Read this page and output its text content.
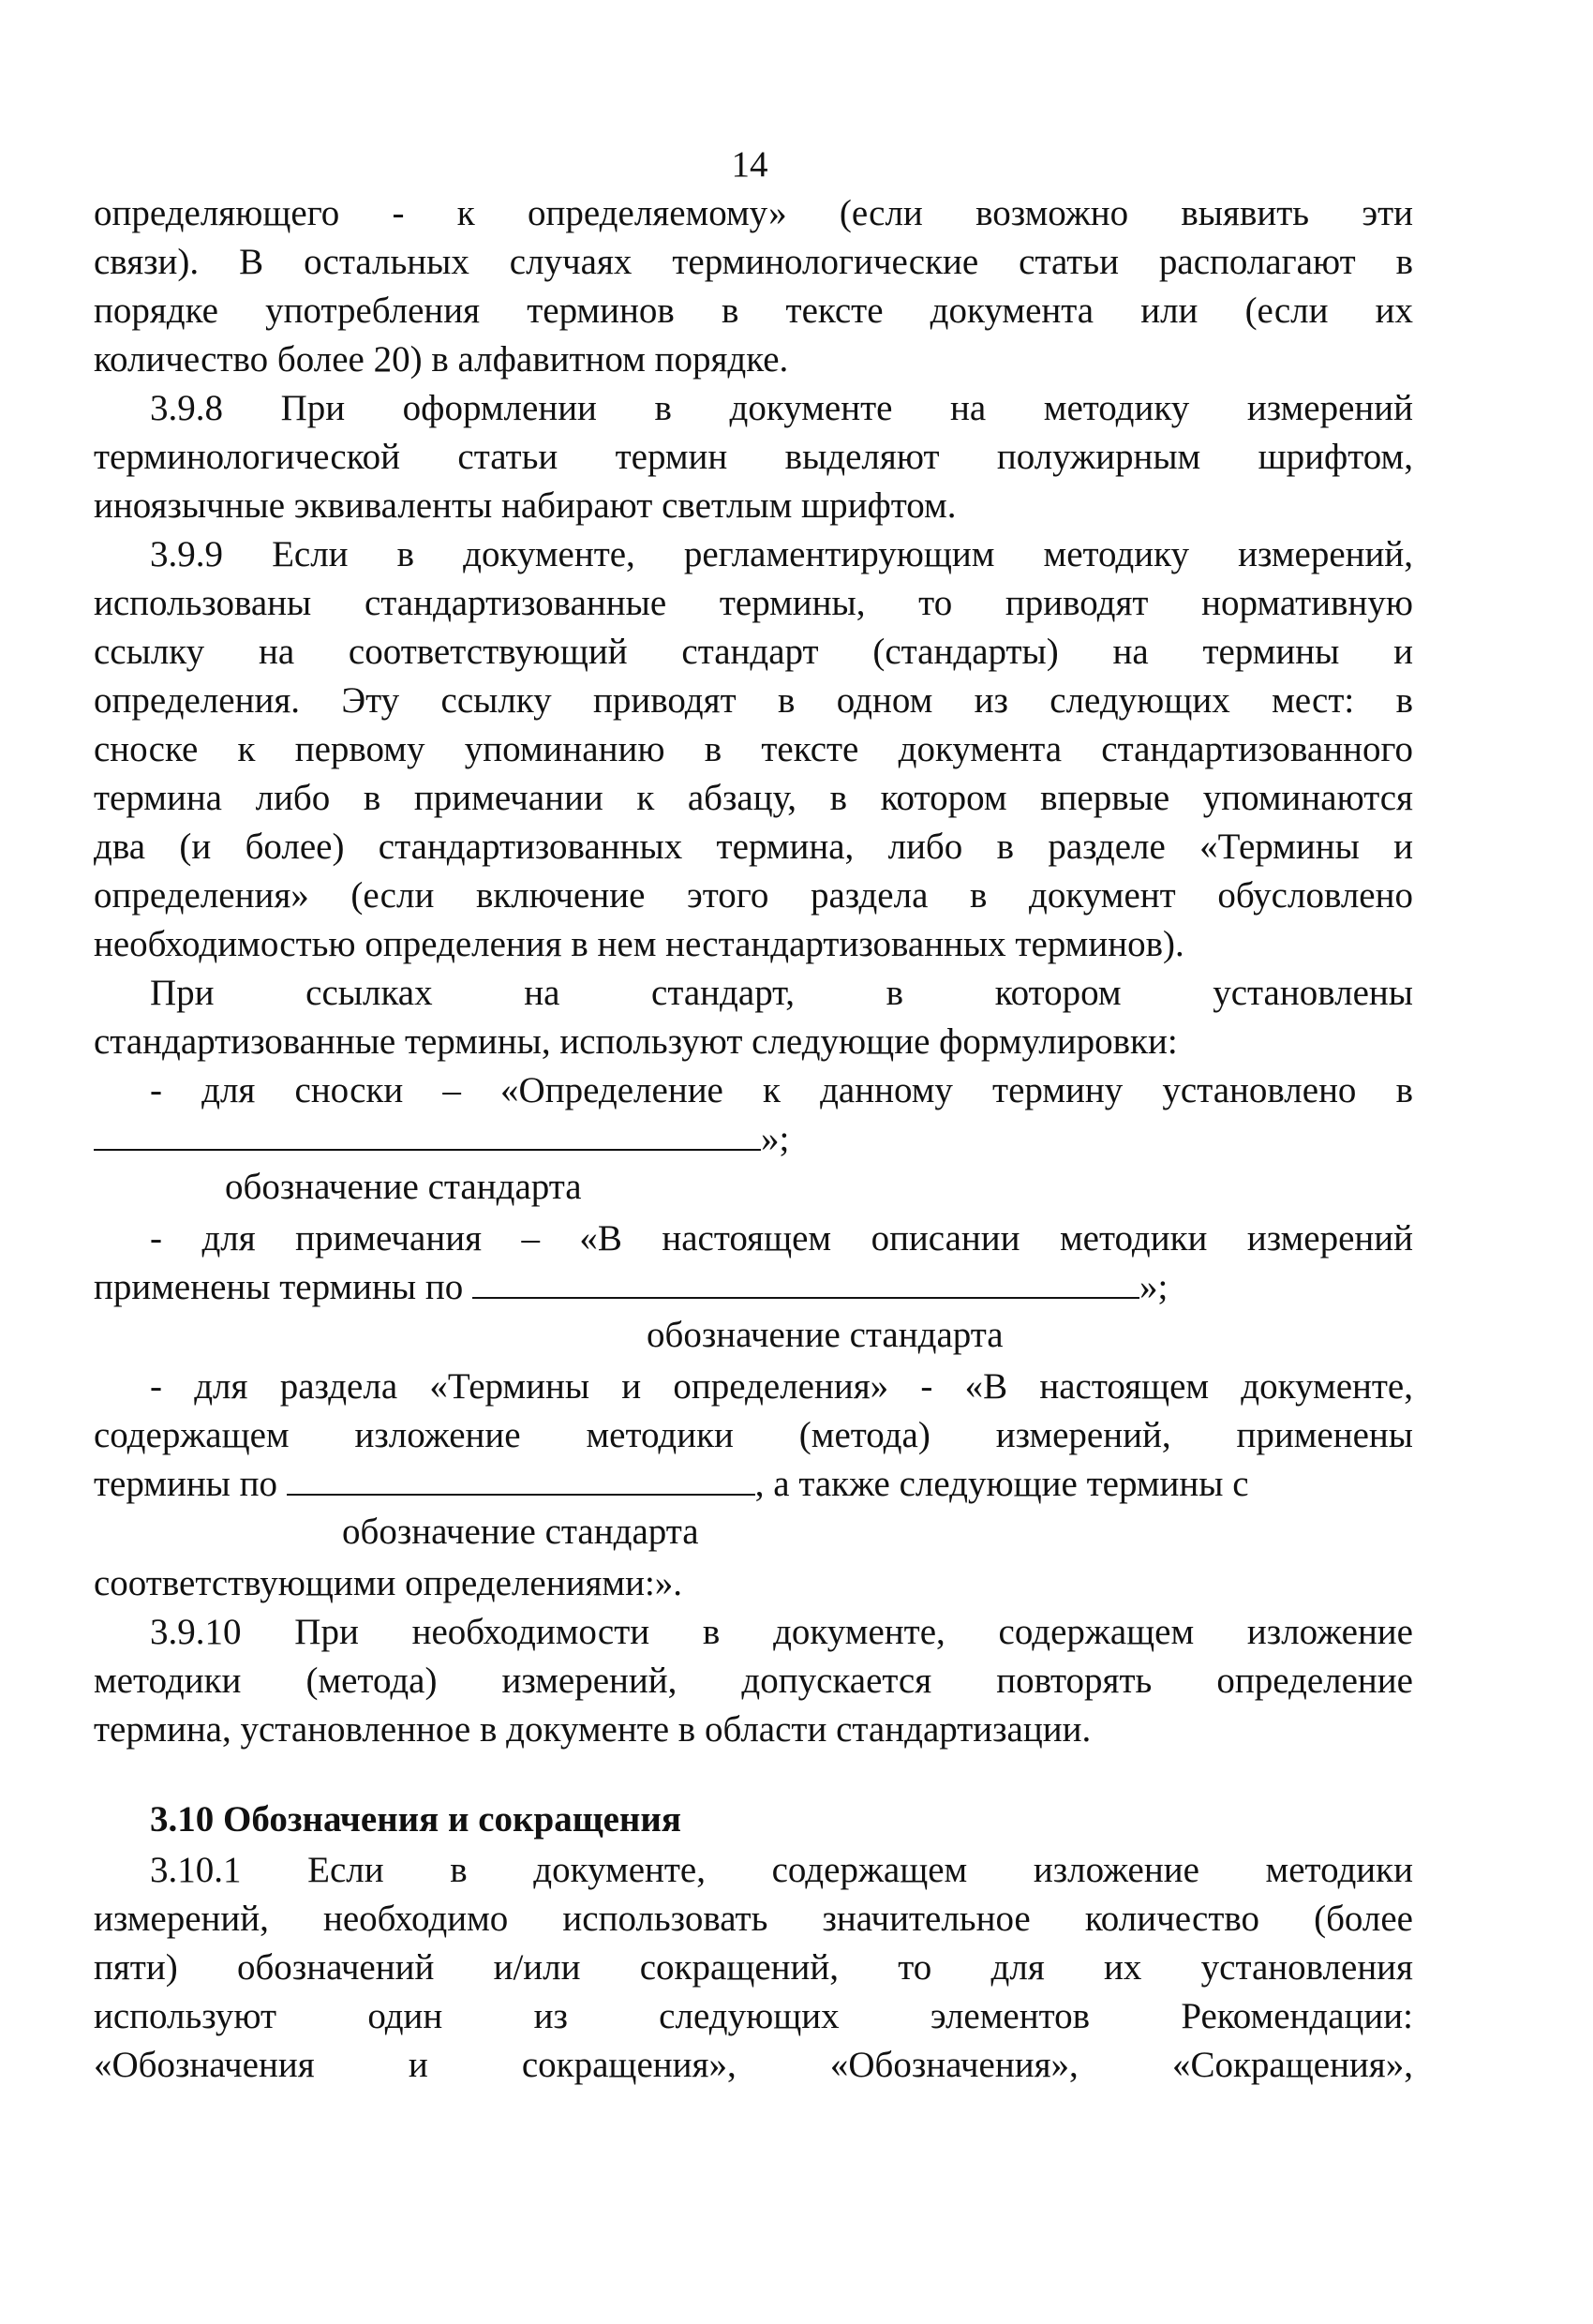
14
определяющего - к определяемому» (если возможно выявить эти
связи). В остальных случаях терминологические статьи располагают в
порядке употребления терминов в тексте документа или (если их
количество более 20) в алфавитном порядке.
3.9.8 При оформлении в документе на методику измерений
терминологической статьи термин выделяют полужирным шрифтом,
иноязычные эквиваленты набирают светлым шрифтом.
3.9.9 Если в документе, регламентирующим методику измерений,
использованы стандартизованные термины, то приводят нормативную
ссылку на соответствующий стандарт (стандарты) на термины и
определения. Эту ссылку приводят в одном из следующих мест: в
сноске к первому упоминанию в тексте документа стандартизованного
термина либо в примечании к абзацу, в котором впервые упоминаются
два (и более) стандартизованных термина, либо в разделе «Термины и
определения» (если включение этого раздела в документ обусловлено
необходимостью определения в нем нестандартизованных терминов).
При ссылках на стандарт, в котором установлены
стандартизованные термины, используют следующие формулировки:
- для сноски – «Определение к данному термину установлено в
»;
обозначение стандарта
- для примечания – «В настоящем описании методики измерений
применены термины по	»;
обозначение стандарта
- для раздела «Термины и определения» - «В настоящем документе,
содержащем изложение методики (метода) измерений, применены
термины по	, а также следующие термины с
обозначение стандарта
соответствующими определениями:».
3.9.10 При необходимости в документе, содержащем изложение
методики (метода) измерений, допускается повторять определение
термина, установленное в документе в области стандартизации.
3.10 Обозначения и сокращения
3.10.1 Если в документе, содержащем изложение методики
измерений, необходимо использовать значительное количество (более
пяти) обозначений и/или сокращений, то для их установления
используют один из следующих элементов Рекомендации:
«Обозначения и сокращения», «Обозначения», «Сокращения»,
